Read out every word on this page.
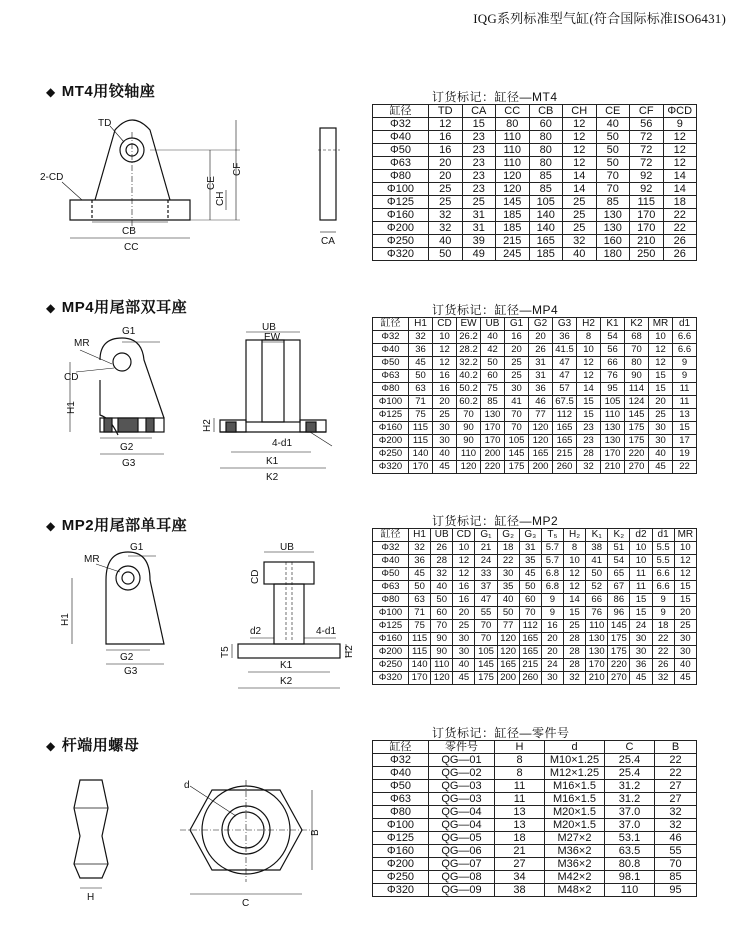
IQG系列标准型气缸(符合国际标准ISO6431)
◆ MT4用铰轴座	订货标记：缸径—MT4
缸径	TD	CA	CC	CB	CH	CE	CF	ΦCD
Φ32	12	15	80	60	12	40	56	9
Φ40	16	23	110	80	12	50	72	12
Φ50	16	23	110	80	12	50	72	12
Φ63	20	23	110	80	12	50	72	12
Φ80	20	23	120	85	14	70	92	14
Φ100	25	23	120	85	14	70	92	14
Φ125	25	25	145	105	25	85	115	18
Φ160	32	31	185	140	25	130	170	22
Φ200	32	31	185	140	25	130	170	22
Φ250	40	39	215	165	32	160	210	26
Φ320	50	49	245	185	40	180	250	26
TD
2-CD
CB
CC
CE
CF
CH
CA
◆ MP4用尾部双耳座	订货标记：缸径—MP4
缸径	H1	CD	EW	UB	G1	G2	G3	H2	K1	K2	MR	d1
Φ32	32	10	26.2	40	16	20	36	8	54	68	10	6.6
Φ40	36	12	28.2	42	20	26	41.5	10	56	70	12	6.6
Φ50	45	12	32.2	50	25	31	47	12	66	80	12	9
Φ63	50	16	40.2	60	25	31	47	12	76	90	15	9
Φ80	63	16	50.2	75	30	36	57	14	95	114	15	11
Φ100	71	20	60.2	85	41	46	67.5	15	105	124	20	11
Φ125	75	25	70	130	70	77	112	15	110	145	25	13
Φ160	115	30	90	170	70	120	165	23	130	175	30	15
Φ200	115	30	90	170	105	120	165	23	130	175	30	17
Φ250	140	40	110	200	145	165	215	28	170	220	40	19
Φ320	170	45	120	220	175	200	260	32	210	270	45	22
G1
MR
CD
H1
G2
G3
UB
EW
H2
4-d1
K1
K2
◆ MP2用尾部单耳座	订货标记：缸径—MP2
缸径	H1	UB	CD	G₁	G₂	G₃	T₅	H₂	K₁	K₂	d2	d1	MR
Φ32	32	26	10	21	18	31	5.7	8	38	51	10	5.5	10
Φ40	36	28	12	24	22	35	5.7	10	41	54	10	5.5	12
Φ50	45	32	12	33	30	45	6.8	12	50	65	11	6.6	12
Φ63	50	40	16	37	35	50	6.8	12	52	67	11	6.6	15
Φ80	63	50	16	47	40	60	9	14	66	86	15	9	15
Φ100	71	60	20	55	50	70	9	15	76	96	15	9	20
Φ125	75	70	25	70	77	112	16	25	110	145	24	18	25
Φ160	115	90	30	70	120	165	20	28	130	175	30	22	30
Φ200	115	90	30	105	120	165	20	28	130	175	30	22	30
Φ250	140	110	40	145	165	215	24	28	170	220	36	26	40
Φ320	170	120	45	175	200	260	30	32	210	270	45	32	45
G1
MR
H1
G2
G3
UB
CD
d2	4-d1
T5	H2
K1
K2
◆ 杆端用螺母
订货标记：缸径—零件号
缸径	零件号	H	d	C	B
Φ32	QG—01	8	M10×1.25	25.4	22
Φ40	QG—02	8	M12×1.25	25.4	22
Φ50	QG—03	11	M16×1.5	31.2	27
Φ63	QG—03	11	M16×1.5	31.2	27
Φ80	QG—04	13	M20×1.5	37.0	32
Φ100	QG—04	13	M20×1.5	37.0	32
Φ125	QG—05	18	M27×2	53.1	46
Φ160	QG—06	21	M36×2	63.5	55
Φ200	QG—07	27	M36×2	80.8	70
Φ250	QG—08	34	M42×2	98.1	85
Φ320	QG—09	38	M48×2	110	95
d
B
H
C
